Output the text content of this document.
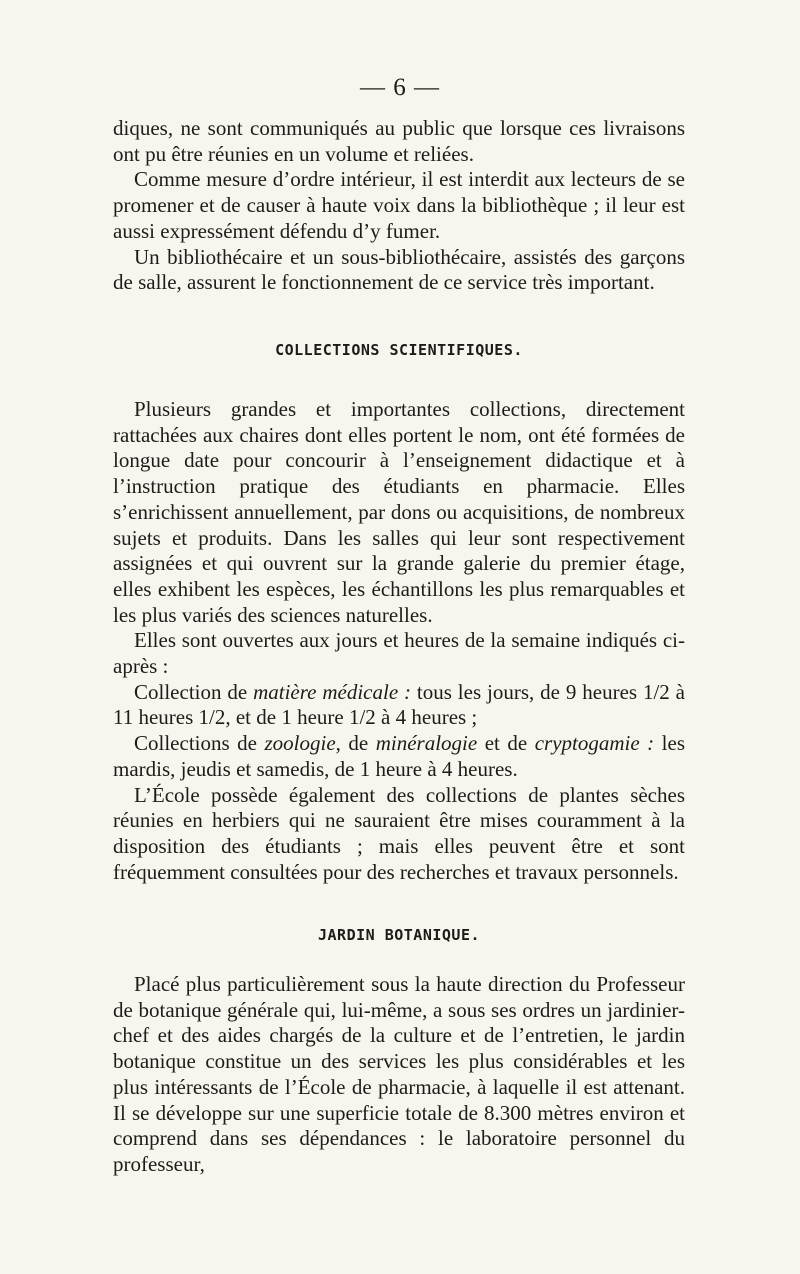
— 6 —

diques, ne sont communiqués au public que lorsque ces livraisons ont pu être réunies en un volume et reliées.

Comme mesure d’ordre intérieur, il est interdit aux lecteurs de se promener et de causer à haute voix dans la bibliothèque ; il leur est aussi expressément défendu d’y fumer.

Un bibliothécaire et un sous-bibliothécaire, assistés des garçons de salle, assurent le fonctionnement de ce service très important.

COLLECTIONS SCIENTIFIQUES.

Plusieurs grandes et importantes collections, directement rattachées aux chaires dont elles portent le nom, ont été formées de longue date pour concourir à l’enseignement didactique et à l’instruction pratique des étudiants en pharmacie. Elles s’enrichissent annuellement, par dons ou acquisitions, de nombreux sujets et produits. Dans les salles qui leur sont respectivement assignées et qui ouvrent sur la grande galerie du premier étage, elles exhibent les espèces, les échantillons les plus remarquables et les plus variés des sciences naturelles.

Elles sont ouvertes aux jours et heures de la semaine indiqués ci-après :

Collection de matière médicale : tous les jours, de 9 heures 1/2 à 11 heures 1/2, et de 1 heure 1/2 à 4 heures ;

Collections de zoologie, de minéralogie et de cryptogamie : les mardis, jeudis et samedis, de 1 heure à 4 heures.

L’École possède également des collections de plantes sèches réunies en herbiers qui ne sauraient être mises couramment à la disposition des étudiants ; mais elles peuvent être et sont fréquemment consultées pour des recherches et travaux personnels.

JARDIN BOTANIQUE.

Placé plus particulièrement sous la haute direction du Professeur de botanique générale qui, lui-même, a sous ses ordres un jardinier-chef et des aides chargés de la culture et de l’entretien, le jardin botanique constitue un des services les plus considérables et les plus intéressants de l’École de pharmacie, à laquelle il est attenant. Il se développe sur une superficie totale de 8.300 mètres environ et comprend dans ses dépendances : le laboratoire personnel du professeur,
